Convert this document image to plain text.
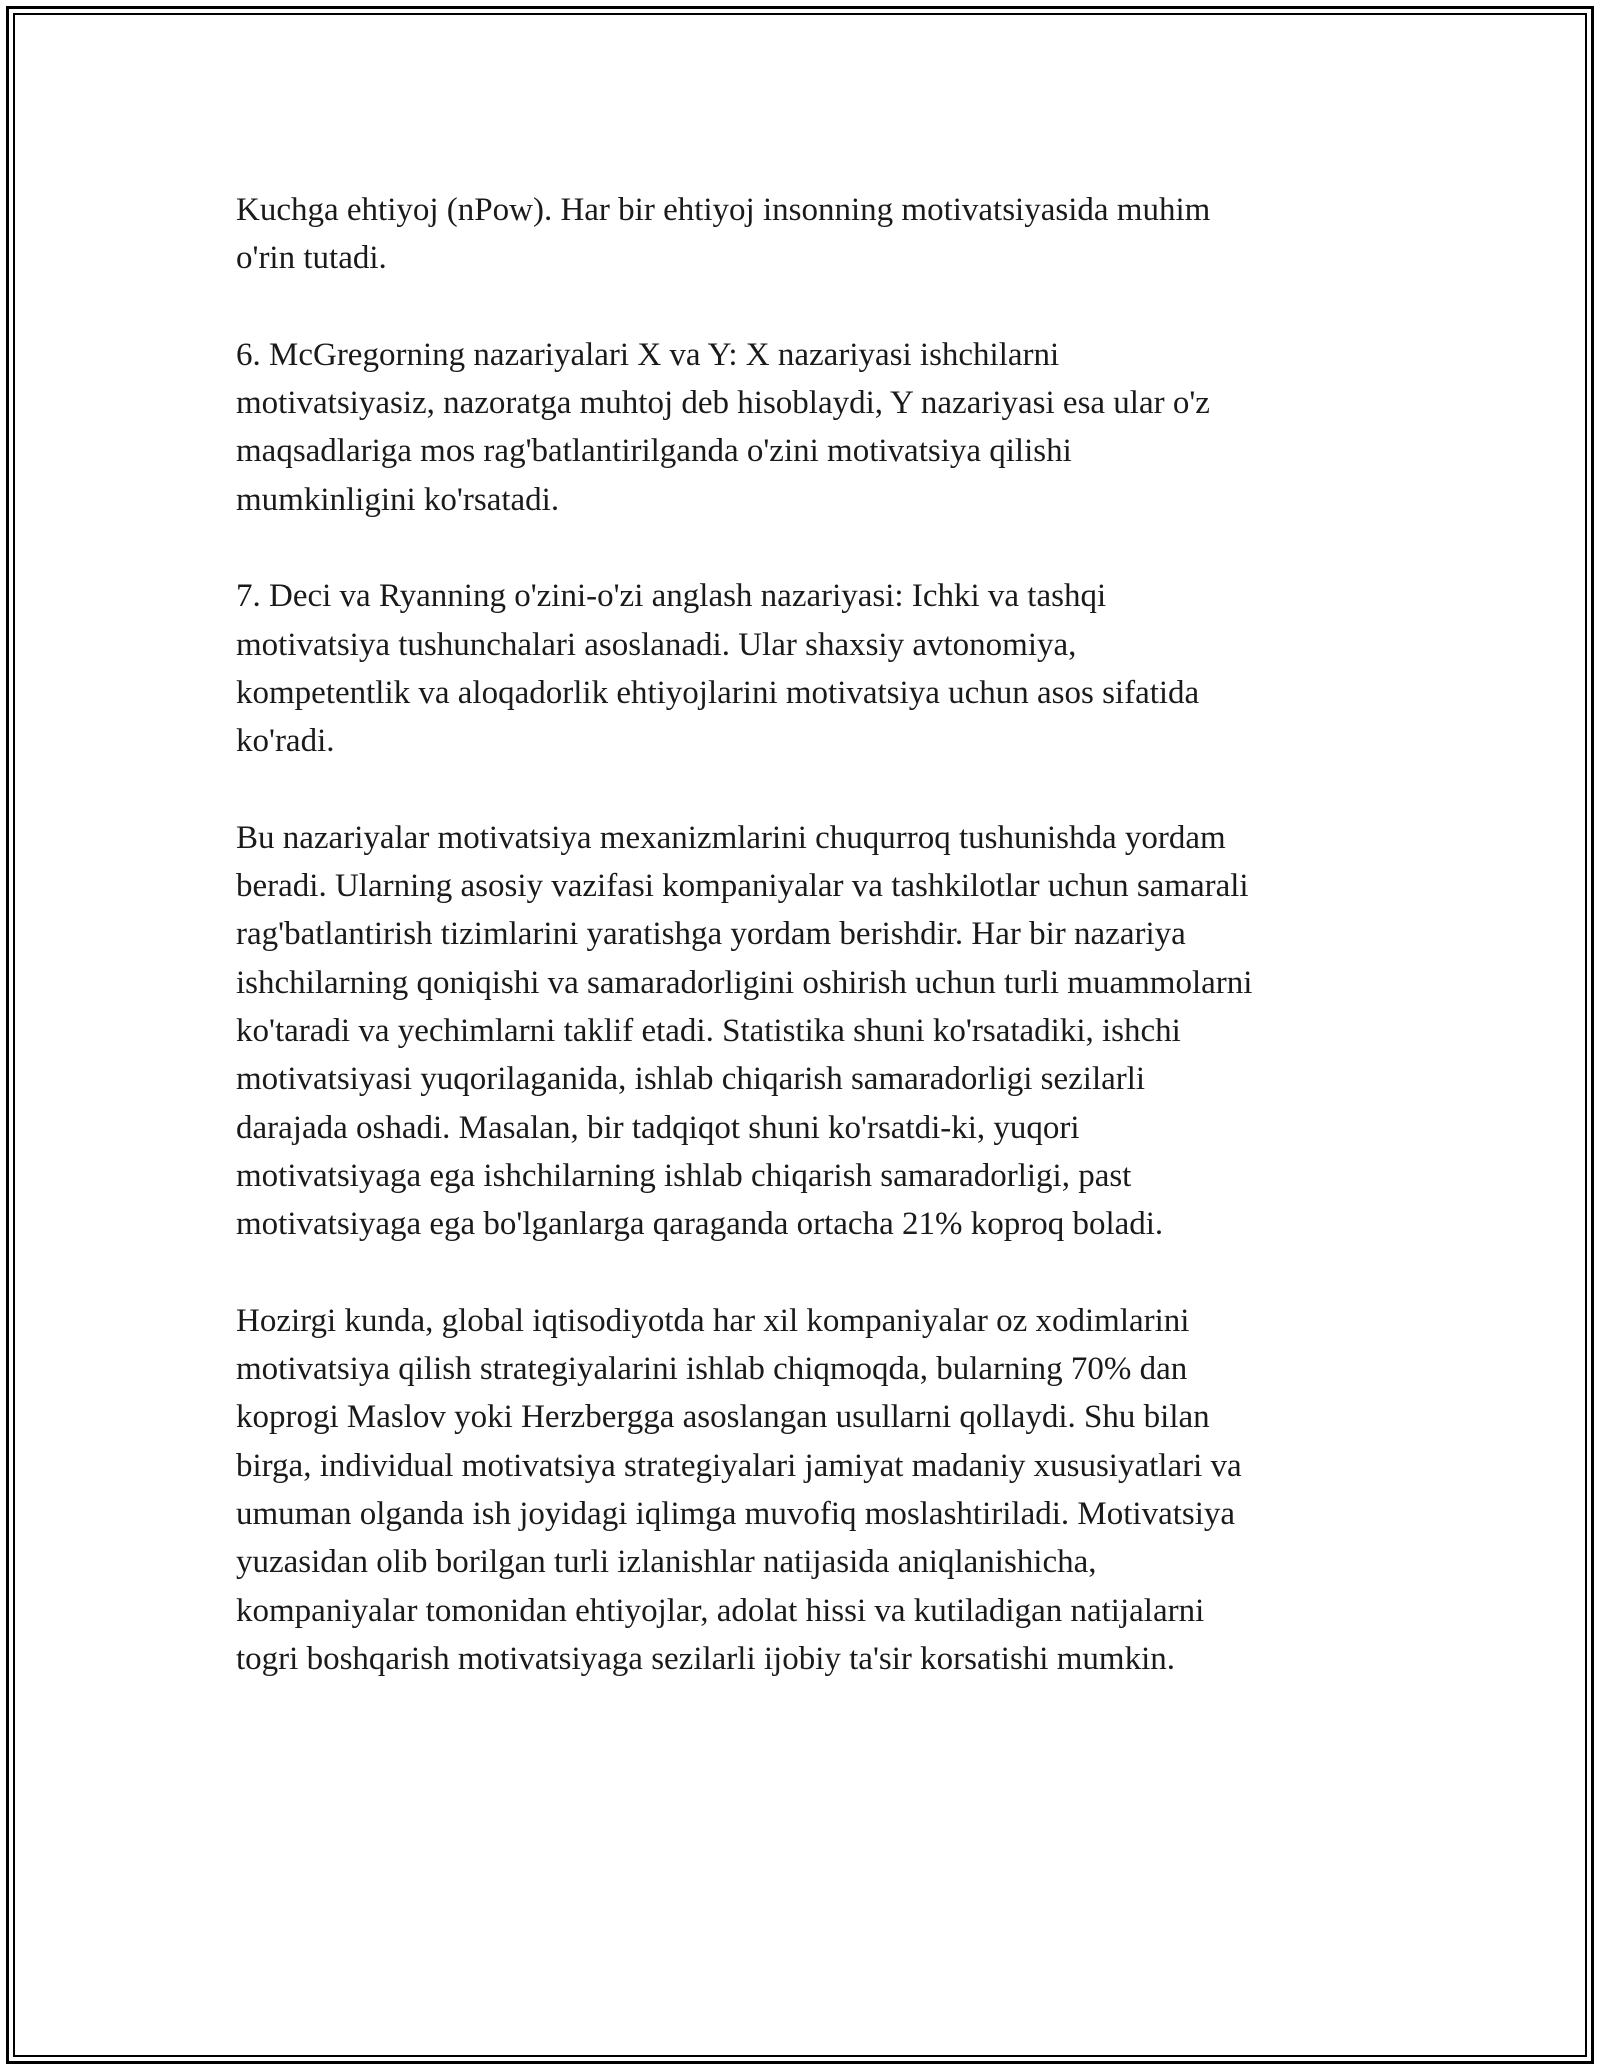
Kuchga ehtiyoj (nPow). Har bir ehtiyoj insonning motivatsiyasida muhim
o'rin tutadi.

6. McGregorning nazariyalari X va Y: X nazariyasi ishchilarni
motivatsiyasiz, nazoratga muhtoj deb hisoblaydi, Y nazariyasi esa ular o'z
maqsadlariga mos rag'batlantirilganda o'zini motivatsiya qilishi
mumkinligini ko'rsatadi.

7. Deci va Ryanning o'zini-o'zi anglash nazariyasi: Ichki va tashqi
motivatsiya tushunchalari asoslanadi. Ular shaxsiy avtonomiya,
kompetentlik va aloqadorlik ehtiyojlarini motivatsiya uchun asos sifatida
ko'radi.

Bu nazariyalar motivatsiya mexanizmlarini chuqurroq tushunishda yordam
beradi. Ularning asosiy vazifasi kompaniyalar va tashkilotlar uchun samarali
rag'batlantirish tizimlarini yaratishga yordam berishdir. Har bir nazariya
ishchilarning qoniqishi va samaradorligini oshirish uchun turli muammolarni
ko'taradi va yechimlarni taklif etadi. Statistika shuni ko'rsatadiki, ishchi
motivatsiyasi yuqorilaganida, ishlab chiqarish samaradorligi sezilarli
darajada oshadi. Masalan, bir tadqiqot shuni ko'rsatdi-ki, yuqori
motivatsiyaga ega ishchilarning ishlab chiqarish samaradorligi, past
motivatsiyaga ega bo'lganlarga qaraganda ortacha 21% koproq boladi.

Hozirgi kunda, global iqtisodiyotda har xil kompaniyalar oz xodimlarini
motivatsiya qilish strategiyalarini ishlab chiqmoqda, bularning 70% dan
koprogi Maslov yoki Herzbergga asoslangan usullarni qollaydi. Shu bilan
birga, individual motivatsiya strategiyalari jamiyat madaniy xususiyatlari va
umuman olganda ish joyidagi iqlimga muvofiq moslashtiriladi. Motivatsiya
yuzasidan olib borilgan turli izlanishlar natijasida aniqlanishicha,
kompaniyalar tomonidan ehtiyojlar, adolat hissi va kutiladigan natijalarni
togri boshqarish motivatsiyaga sezilarli ijobiy ta'sir korsatishi mumkin.
